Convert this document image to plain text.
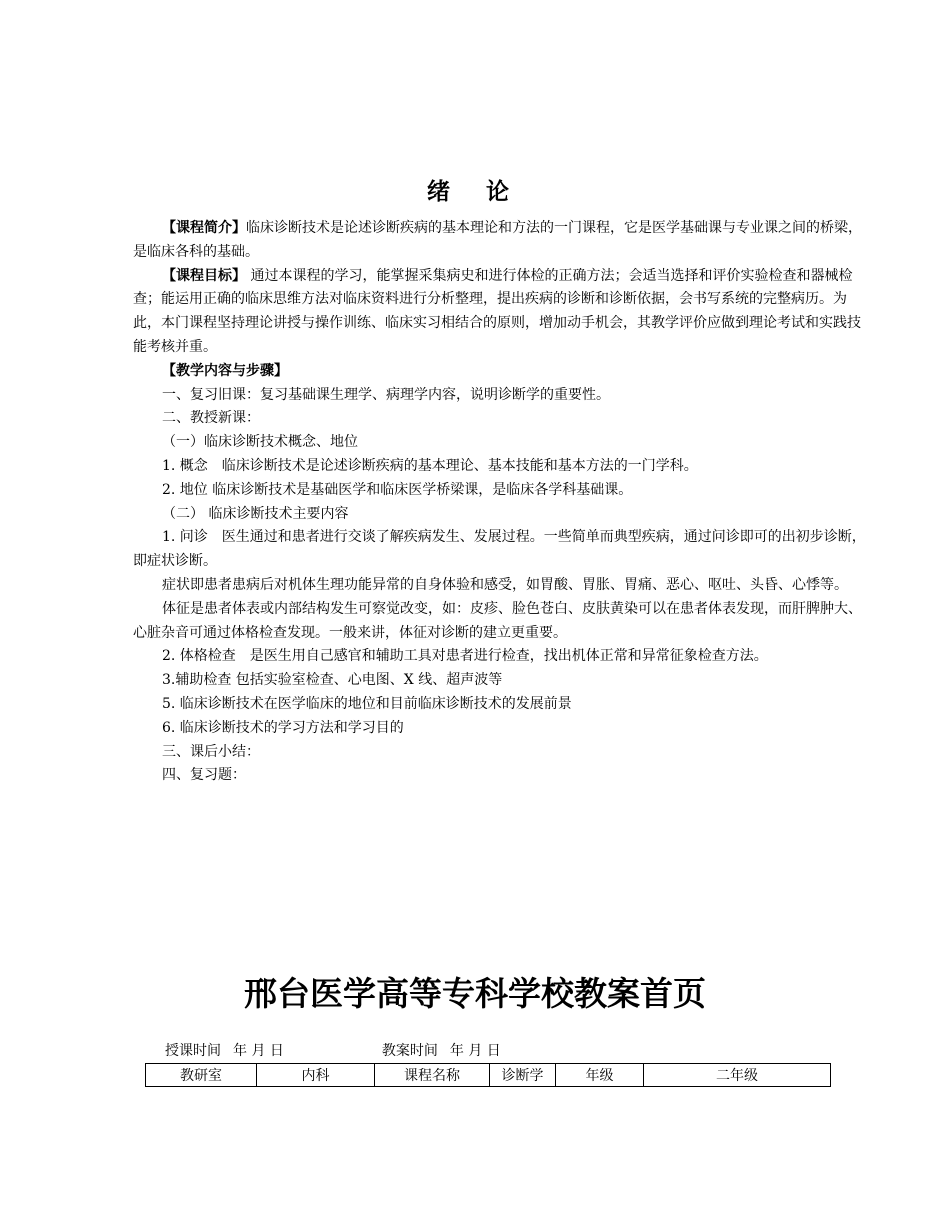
绪 论

【课程简介】临床诊断技术是论述诊断疾病的基本理论和方法的一门课程，它是医学基础课与专业课之间的桥梁，是临床各科的基础。

【课程目标】 通过本课程的学习，能掌握采集病史和进行体检的正确方法；会适当选择和评价实验检查和器械检查；能运用正确的临床思维方法对临床资料进行分析整理，提出疾病的诊断和诊断依据，会书写系统的完整病历。为此，本门课程坚持理论讲授与操作训练、临床实习相结合的原则，增加动手机会，其教学评价应做到理论考试和实践技能考核并重。

【教学内容与步骤】

一、复习旧课：复习基础课生理学、病理学内容，说明诊断学的重要性。

二、教授新课：

（一）临床诊断技术概念、地位

1. 概念　临床诊断技术是论述诊断疾病的基本理论、基本技能和基本方法的一门学科。

2. 地位 临床诊断技术是基础医学和临床医学桥梁课，是临床各学科基础课。

（二） 临床诊断技术主要内容

1. 问诊　医生通过和患者进行交谈了解疾病发生、发展过程。一些简单而典型疾病，通过问诊即可的出初步诊断，即症状诊断。

症状即患者患病后对机体生理功能异常的自身体验和感受，如胃酸、胃胀、胃痛、恶心、呕吐、头昏、心悸等。

体征是患者体表或内部结构发生可察觉改变，如：皮疹、脸色苍白、皮肤黄染可以在患者体表发现，而肝脾肿大、心脏杂音可通过体格检查发现。一般来讲，体征对诊断的建立更重要。

2. 体格检查　是医生用自己感官和辅助工具对患者进行检查，找出机体正常和异常征象检查方法。

3.辅助检查 包括实验室检查、心电图、X 线、超声波等

5. 临床诊断技术在医学临床的地位和目前临床诊断技术的发展前景

6. 临床诊断技术的学习方法和学习目的

三、课后小结：

四、复习题：

邢台医学高等专科学校教案首页
授课时间 年 月 日	教案时间 年 月 日
教研室	内科	课程名称	诊断学	年级	二年级
